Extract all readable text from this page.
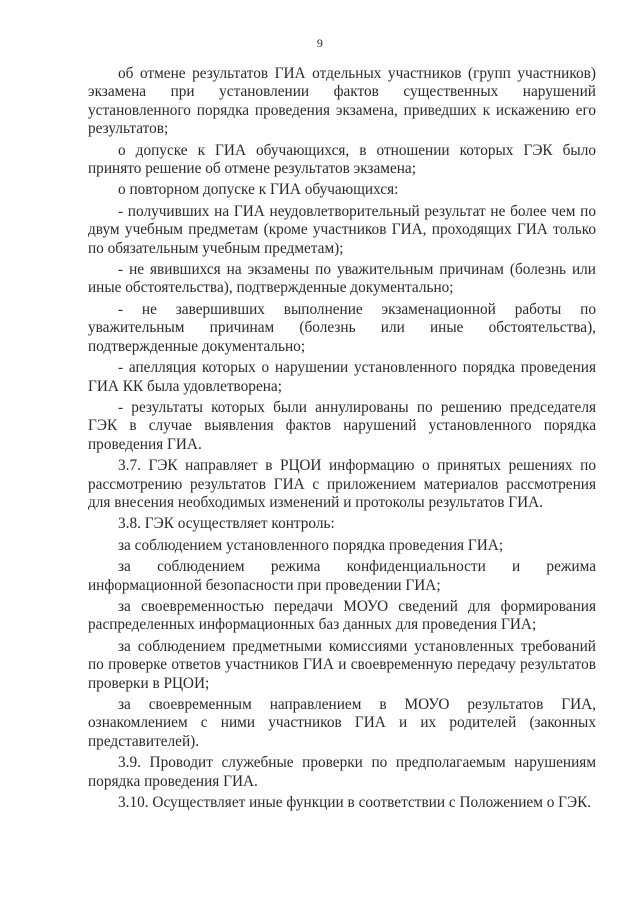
9

об отмене результатов ГИА отдельных участников (групп участников) экзамена при установлении фактов существенных нарушений установленного порядка проведения экзамена, приведших к искажению его результатов;

о допуске к ГИА обучающихся, в отношении которых ГЭК было принято решение об отмене результатов экзамена;

о повторном допуске к ГИА обучающихся:

- получивших на ГИА неудовлетворительный результат не более чем по двум учебным предметам (кроме участников ГИА, проходящих ГИА только по обязательным учебным предметам);

- не явившихся на экзамены по уважительным причинам (болезнь или иные обстоятельства), подтвержденные документально;

- не завершивших выполнение экзаменационной работы по уважительным причинам (болезнь или иные обстоятельства), подтвержденные документально;

- апелляция которых о нарушении установленного порядка проведения ГИА КК была удовлетворена;

- результаты которых были аннулированы по решению председателя ГЭК в случае выявления фактов нарушений установленного порядка проведения ГИА.

3.7. ГЭК направляет в РЦОИ информацию о принятых решениях по рассмотрению результатов ГИА с приложением материалов рассмотрения для внесения необходимых изменений и протоколы результатов ГИА.

3.8. ГЭК осуществляет контроль:

за соблюдением установленного порядка проведения ГИА;

за соблюдением режима конфиденциальности и режима информационной безопасности при проведении ГИА;

за своевременностью передачи МОУО сведений для формирования распределенных информационных баз данных для проведения ГИА;

за соблюдением предметными комиссиями установленных требований по проверке ответов участников ГИА и своевременную передачу результатов проверки в РЦОИ;

за своевременным направлением в МОУО результатов ГИА, ознакомлением с ними участников ГИА и их родителей (законных представителей).

3.9. Проводит служебные проверки по предполагаемым нарушениям порядка проведения ГИА.

3.10. Осуществляет иные функции в соответствии с Положением о ГЭК.
